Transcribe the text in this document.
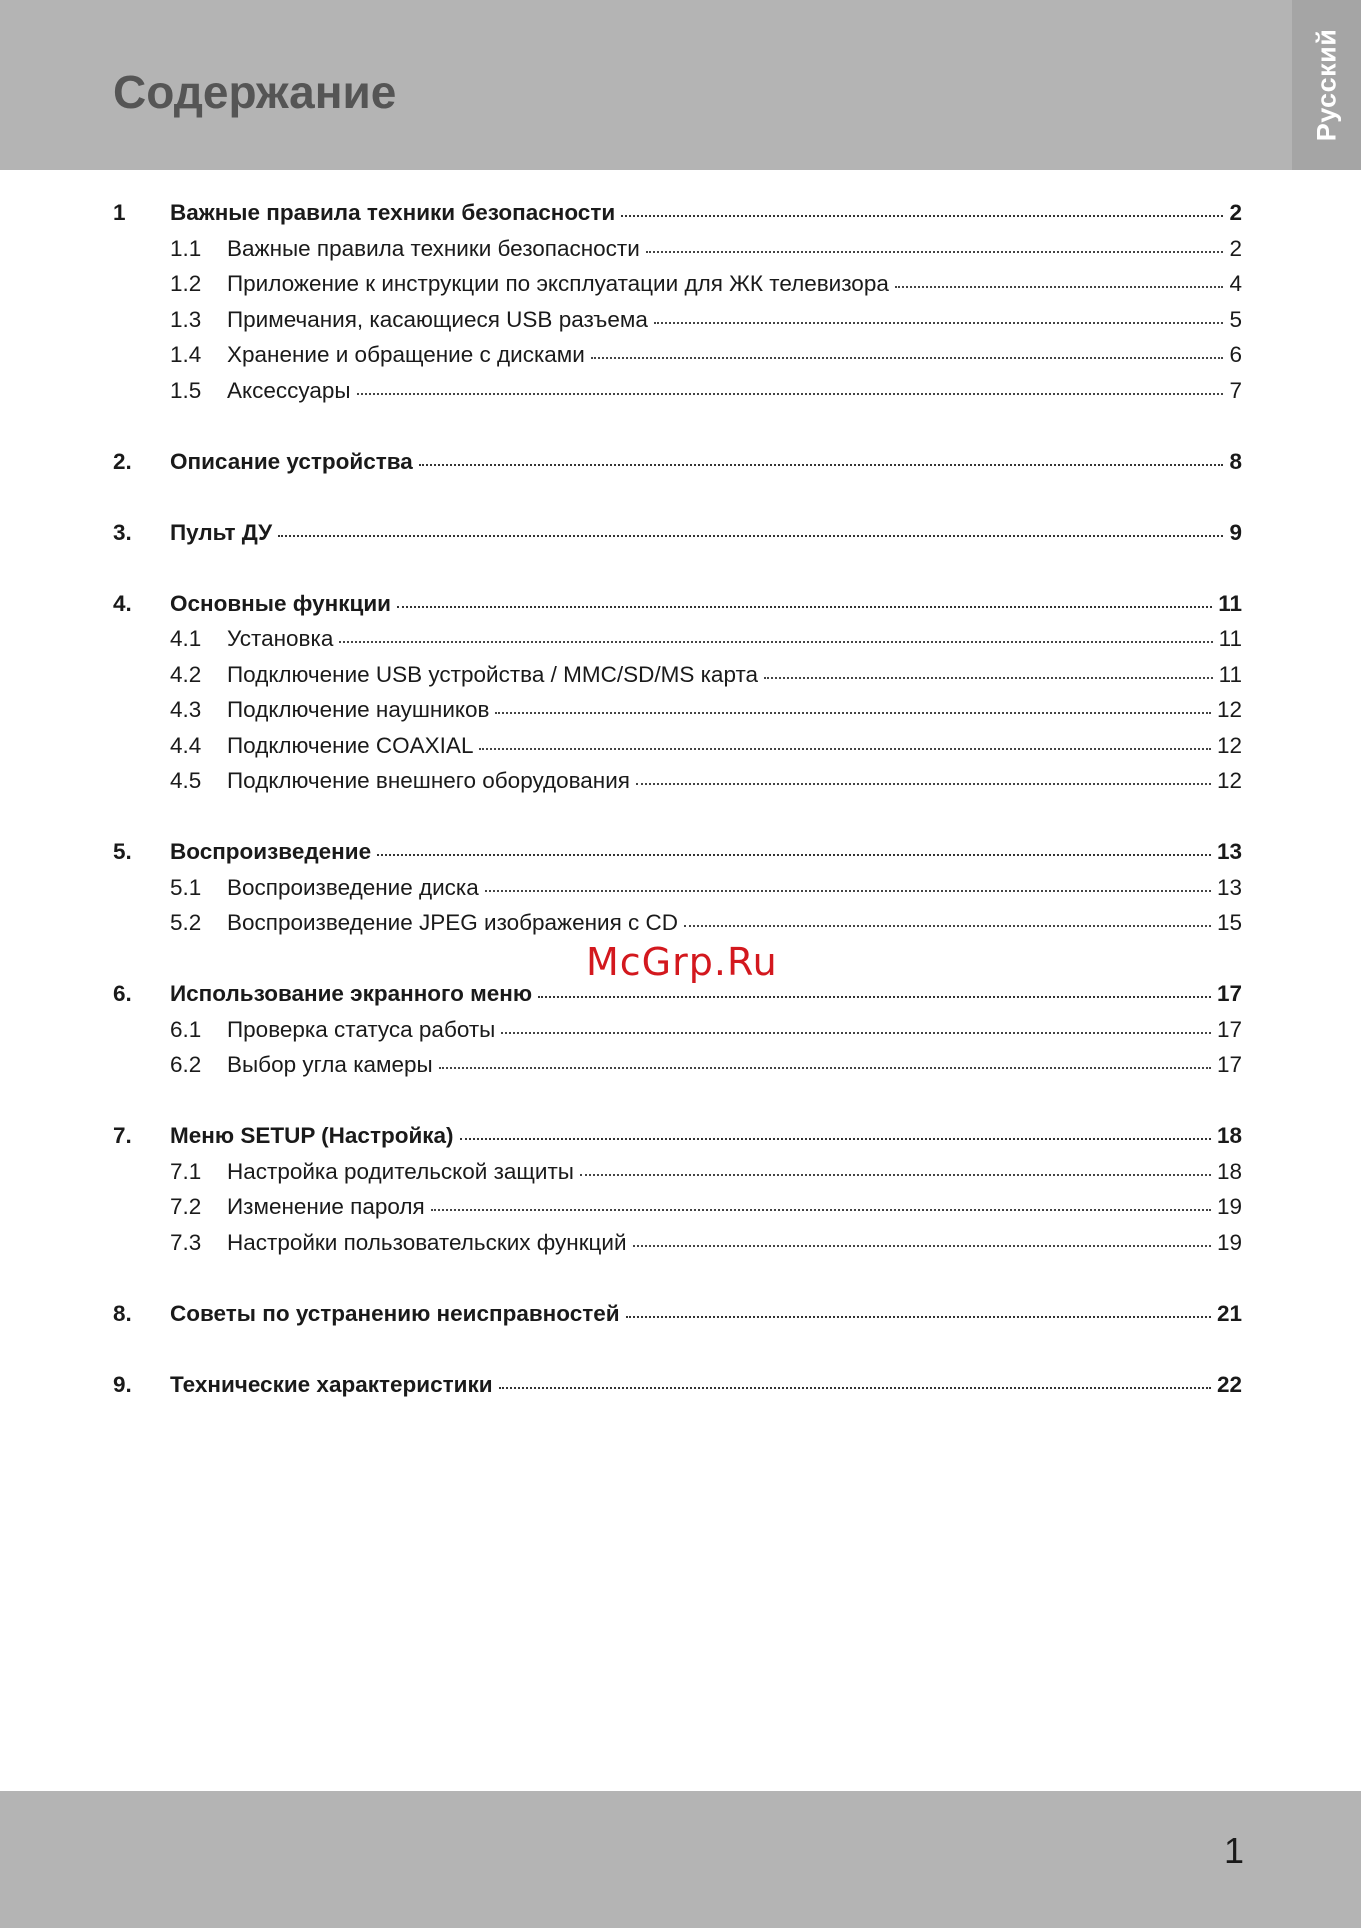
Содержание	Русский
1	Важные правила техники безопасности	2
1.1	Важные правила техники безопасности	2
1.2	Приложение к инструкции по эксплуатации для ЖК телевизора	4
1.3	Примечания, касающиеся USB разъема	5
1.4	Хранение и обращение с дисками	6
1.5	Аксессуары	7
2.	Описание устройства	8
3.	Пульт ДУ	9
4.	Основные функции	11
4.1	Установка	11
4.2	Подключение USB устройства / MMC/SD/MS карта	11
4.3	Подключение наушников	12
4.4	Подключение COAXIAL	12
4.5	Подключение внешнего оборудования	12
5.	Воспроизведение	13
5.1	Воспроизведение диска	13
5.2	Воспроизведение JPEG изображения с CD	15
6.	Использование экранного меню	17
6.1	Проверка статуса работы	17
6.2	Выбор угла камеры	17
7.	Меню SETUP (Настройка)	18
7.1	Настройка родительской защиты	18
7.2	Изменение пароля	19
7.3	Настройки пользовательских функций	19
8.	Советы по устранению неисправностей	21
9.	Технические характеристики	22
McGrp.Ru
1
